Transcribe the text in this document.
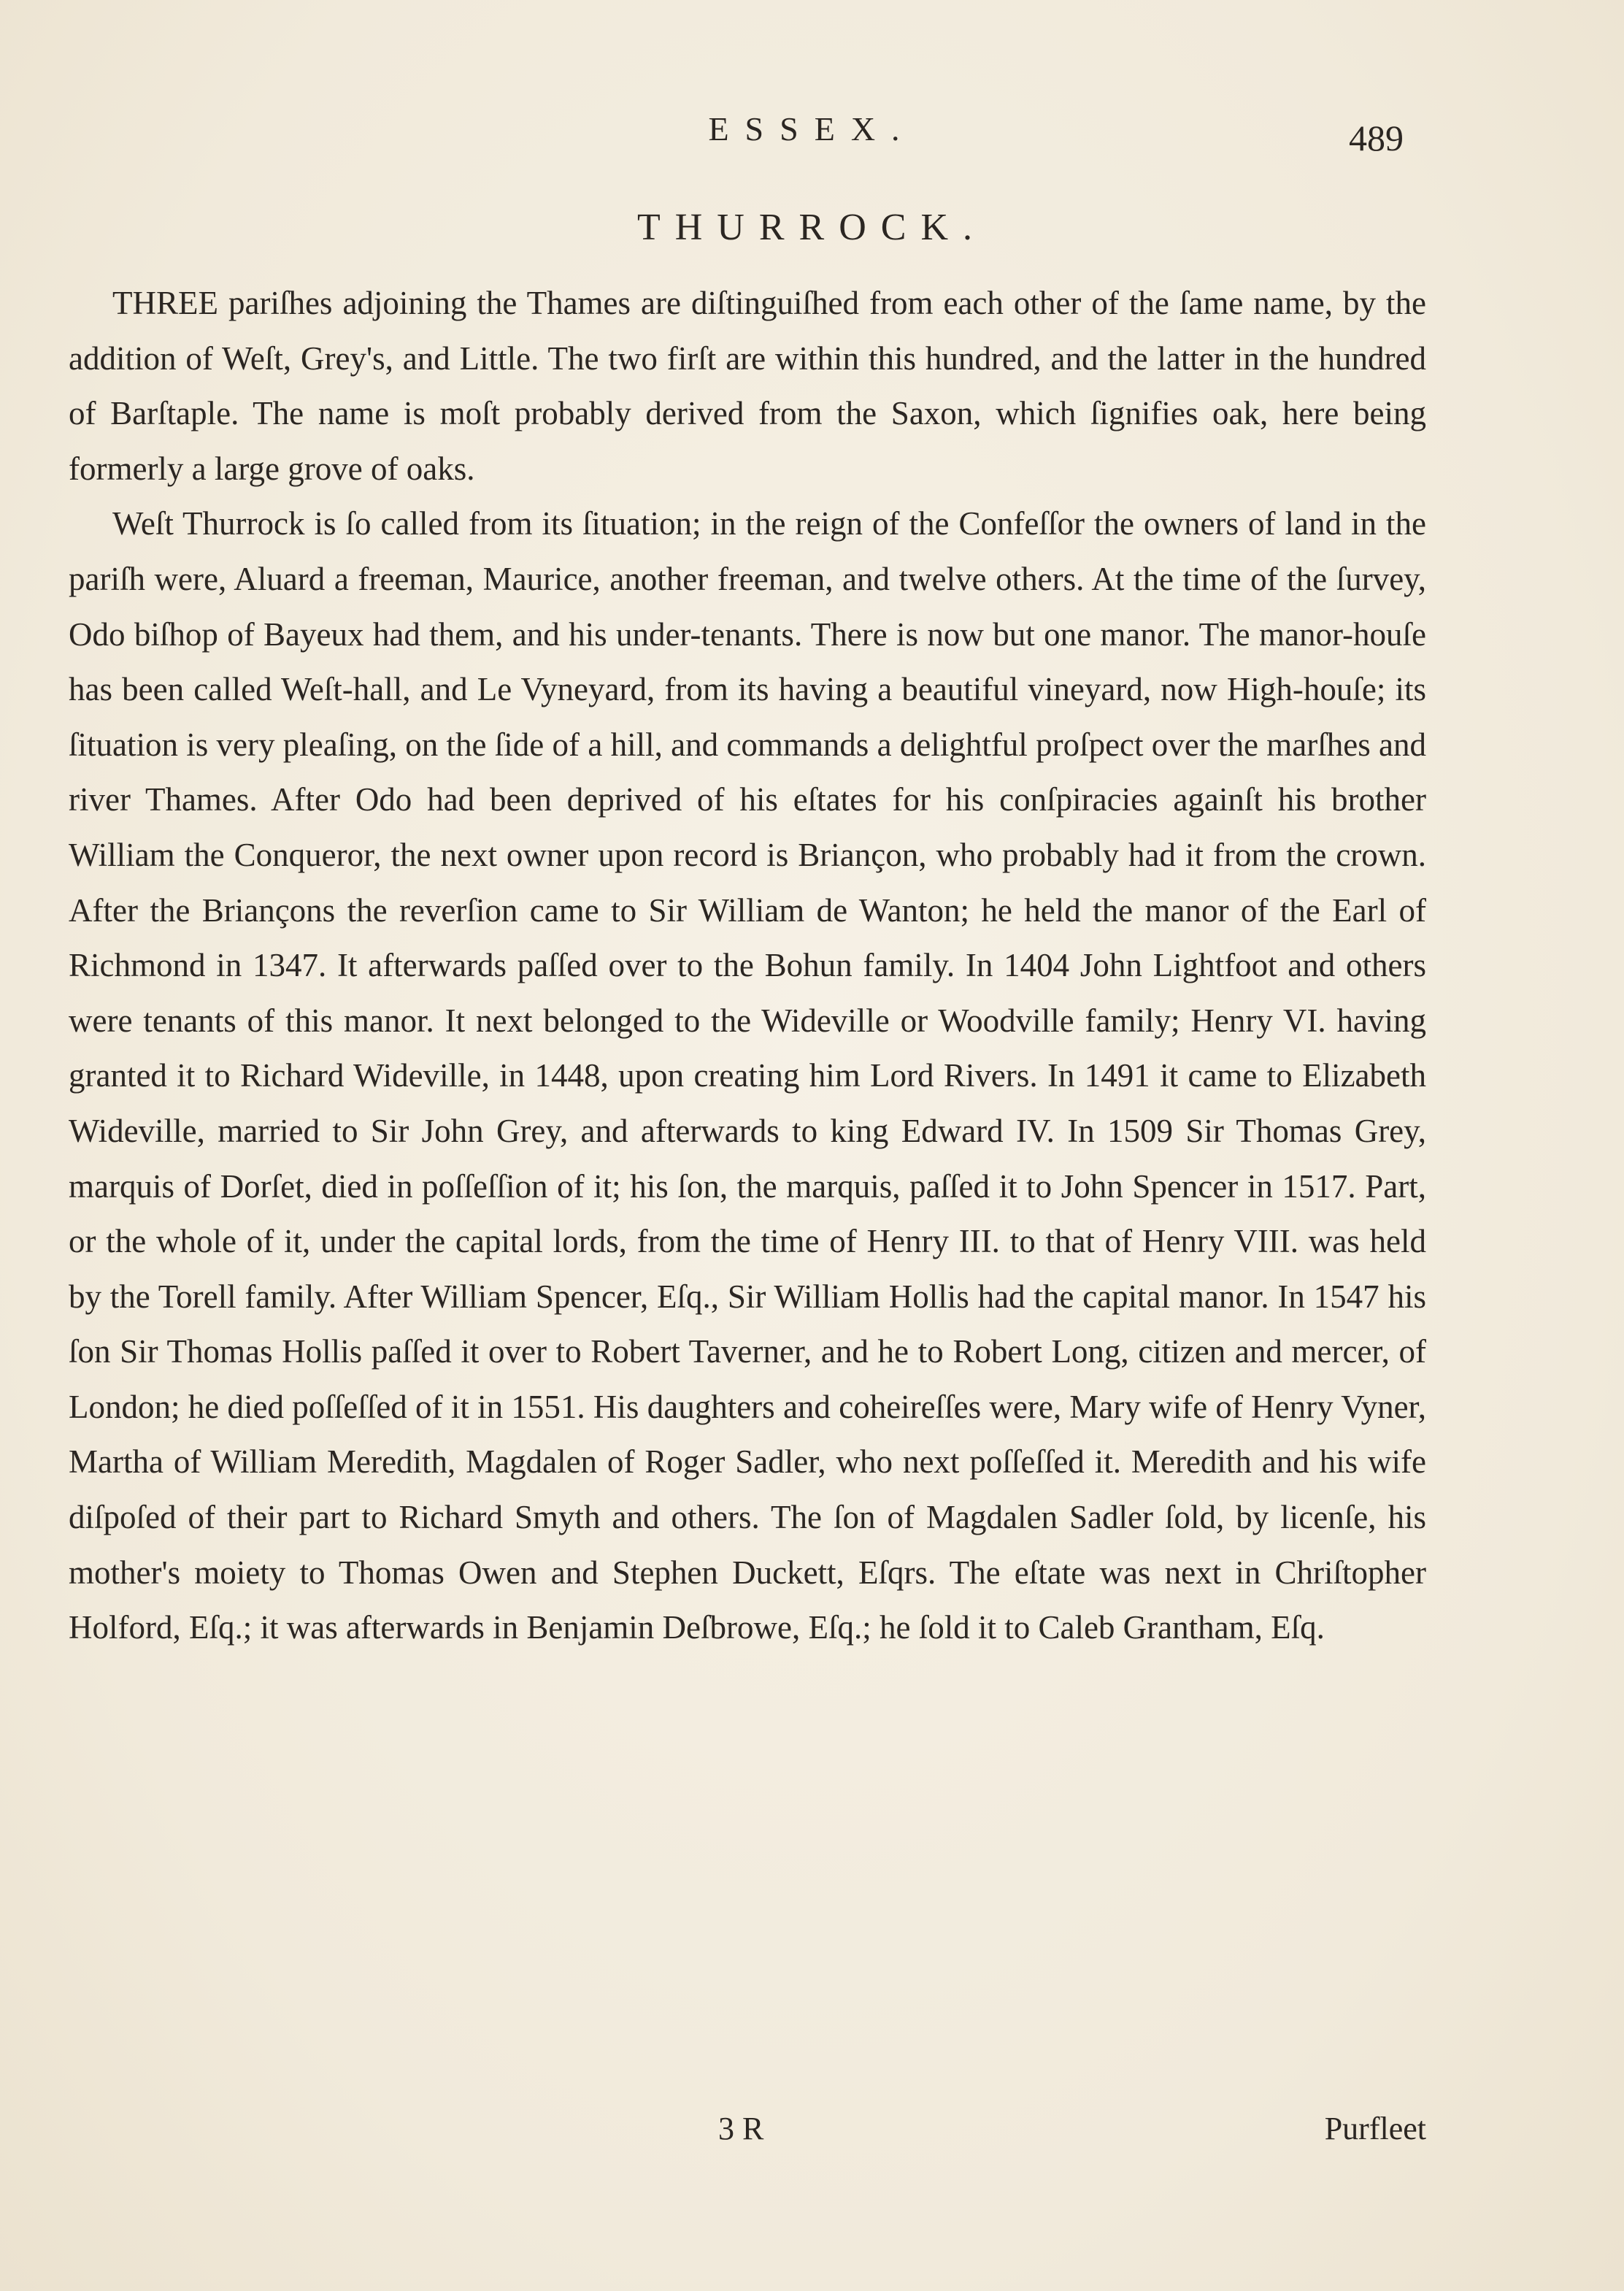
ESSEX.	489
THURROCK.

THREE pariſhes adjoining the Thames are diſtinguiſhed from each other of the ſame name, by the addition of Weſt, Grey's, and Little. The two firſt are within this hundred, and the latter in the hundred of Barſtaple. The name is moſt probably derived from the Saxon, which ſignifies oak, here being formerly a large grove of oaks.

Weſt Thurrock is ſo called from its ſituation; in the reign of the Confeſſor the owners of land in the pariſh were, Aluard a freeman, Maurice, another freeman, and twelve others. At the time of the ſurvey, Odo biſhop of Bayeux had them, and his under-tenants. There is now but one manor. The manor-houſe has been called Weſt-hall, and Le Vyneyard, from its having a beautiful vineyard, now High-houſe; its ſituation is very pleaſing, on the ſide of a hill, and commands a delightful proſpect over the marſhes and river Thames. After Odo had been deprived of his eſtates for his conſpiracies againſt his brother William the Conqueror, the next owner upon record is Briançon, who probably had it from the crown. After the Briançons the reverſion came to Sir William de Wanton; he held the manor of the Earl of Richmond in 1347. It afterwards paſſed over to the Bohun family. In 1404 John Lightfoot and others were tenants of this manor. It next belonged to the Wideville or Woodville family; Henry VI. having granted it to Richard Wideville, in 1448, upon creating him Lord Rivers. In 1491 it came to Elizabeth Wideville, married to Sir John Grey, and afterwards to king Edward IV. In 1509 Sir Thomas Grey, marquis of Dorſet, died in poſſeſſion of it; his ſon, the marquis, paſſed it to John Spencer in 1517. Part, or the whole of it, under the capital lords, from the time of Henry III. to that of Henry VIII. was held by the Torell family. After William Spencer, Eſq., Sir William Hollis had the capital manor. In 1547 his ſon Sir Thomas Hollis paſſed it over to Robert Taverner, and he to Robert Long, citizen and mercer, of London; he died poſſeſſed of it in 1551. His daughters and coheireſſes were, Mary wife of Henry Vyner, Martha of William Meredith, Magdalen of Roger Sadler, who next poſſeſſed it. Meredith and his wife diſpoſed of their part to Richard Smyth and others. The ſon of Magdalen Sadler ſold, by licenſe, his mother's moiety to Thomas Owen and Stephen Duckett, Eſqrs. The eſtate was next in Chriſtopher Holford, Eſq.; it was afterwards in Benjamin Deſbrowe, Eſq.; he ſold it to Caleb Grantham, Eſq.

3 R	Purfleet
